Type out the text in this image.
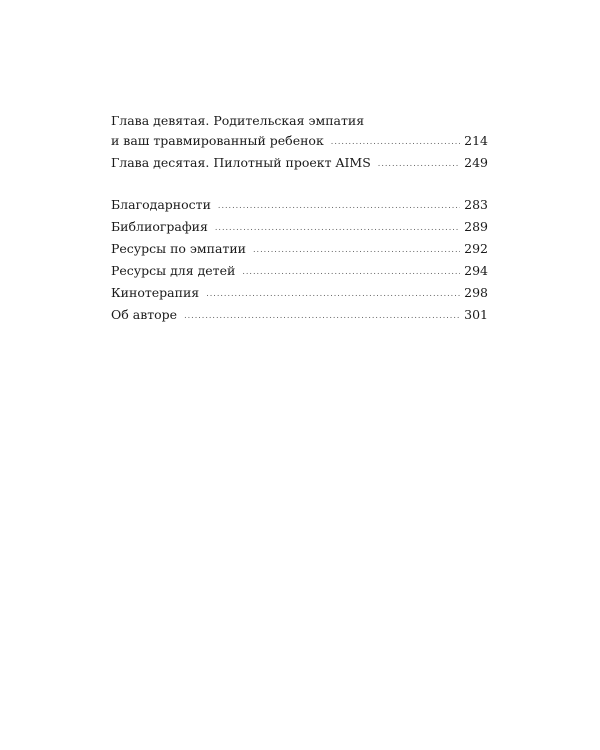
Глава девятая. Родительская эмпатия
и ваш травмированный ребенок .....	214
Глава десятая. Пилотный проект AIMS .....	249
Благодарности .....	283
Библиография .....	289
Ресурсы по эмпатии .....	292
Ресурсы для детей .....	294
Кинотерапия .....	298
Об авторе .....	301
